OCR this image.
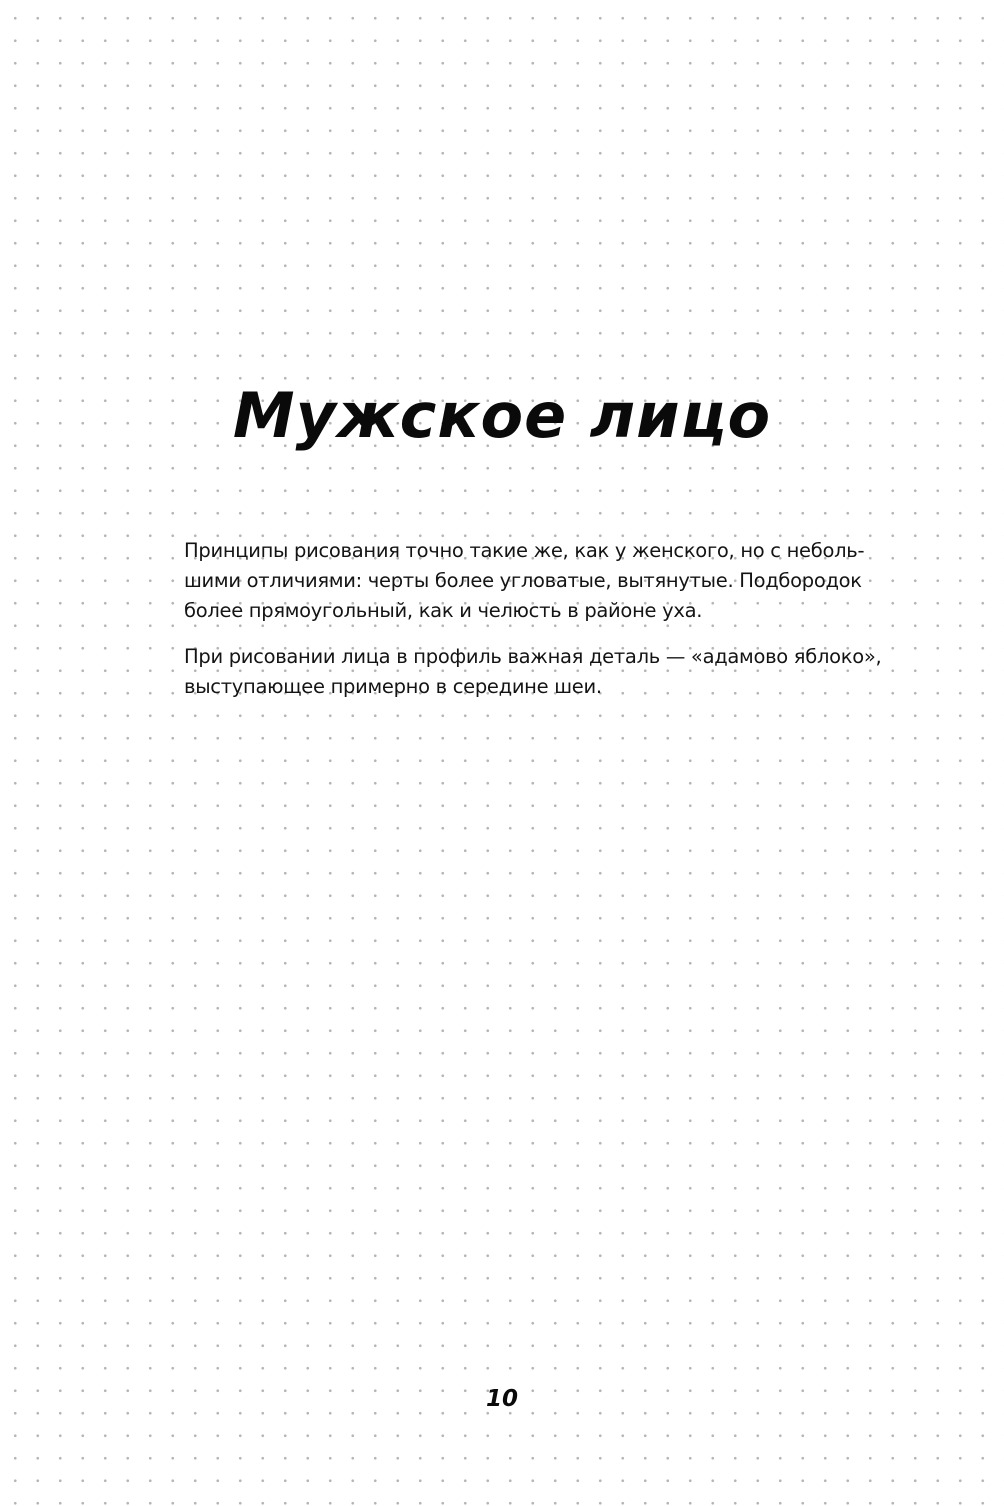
Мужское лицо

Принципы рисования точно такие же, как у женского, но с неболь-
шими отличиями: черты более угловатые, вытянутые. Подбородок
более прямоугольный, как и челюсть в районе уха.

При рисовании лица в профиль важная деталь — «адамово яблоко»,
выступающее примерно в середине шеи.

10
